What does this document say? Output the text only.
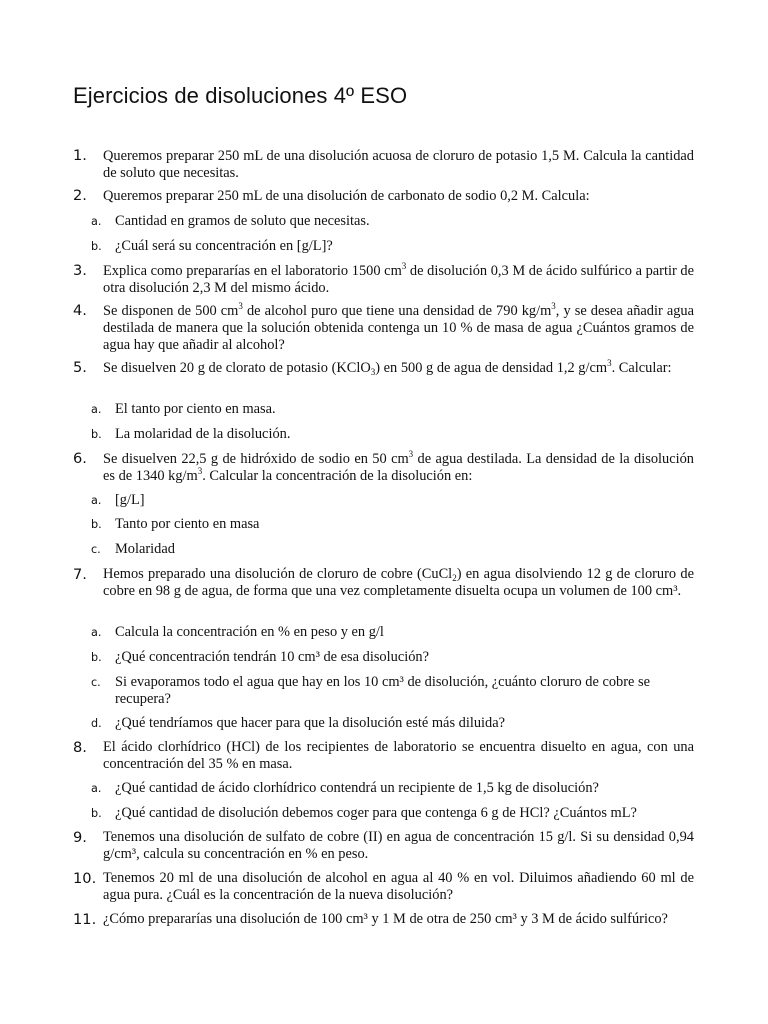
Ejercicios de disoluciones 4º ESO
1. Queremos preparar 250 mL de una disolución acuosa de cloruro de potasio 1,5 M. Calcula la cantidad de soluto que necesitas.
2. Queremos preparar 250 mL de una disolución de carbonato de sodio 0,2 M. Calcula:
a. Cantidad en gramos de soluto que necesitas.
b. ¿Cuál será su concentración en [g/L]?
3. Explica como prepararías en el laboratorio 1500 $cm^3$ de disolución 0,3 M de ácido sulfúrico a partir de otra disolución 2,3 M del mismo ácido.
4. Se disponen de 500 $cm^3$ de alcohol puro que tiene una densidad de 790 $kg/m^3$, y se desea añadir agua destilada de manera que la solución obtenida contenga un 10 % de masa de agua ¿Cuántos gramos de agua hay que añadir al alcohol?
5. Se disuelven 20 g de clorato de potasio (KClO$_3$) en 500 g de agua de densidad 1,2 $g/cm^3$. Calcular:
a. El tanto por ciento en masa.
b. La molaridad de la disolución.
6. Se disuelven 22,5 g de hidróxido de sodio en 50 $cm^3$ de agua destilada. La densidad de la disolución es de 1340 $kg/m^3$. Calcular la concentración de la disolución en:
a. [g/L]
b. Tanto por ciento en masa
c. Molaridad
7. Hemos preparado una disolución de cloruro de cobre (CuCl$_2$) en agua disolviendo 12 g de cloruro de cobre en 98 g de agua, de forma que una vez completamente disuelta ocupa un volumen de 100 cm³.
a. Calcula la concentración en % en peso y en g/l
b. ¿Qué concentración tendrán 10 cm³ de esa disolución?
c. Si evaporamos todo el agua que hay en los 10 cm³ de disolución, ¿cuánto cloruro de cobre se recupera?
d. ¿Qué tendríamos que hacer para que la disolución esté más diluida?
8. El ácido clorhídrico (HCl) de los recipientes de laboratorio se encuentra disuelto en agua, con una concentración del 35 % en masa.
a. ¿Qué cantidad de ácido clorhídrico contendrá un recipiente de 1,5 kg de disolución?
b. ¿Qué cantidad de disolución debemos coger para que contenga 6 g de HCl? ¿Cuántos mL?
9. Tenemos una disolución de sulfato de cobre (II) en agua de concentración 15 g/l. Si su densidad 0,94 g/cm³, calcula su concentración en % en peso.
10. Tenemos 20 ml de una disolución de alcohol en agua al 40 % en vol. Diluimos añadiendo 60 ml de agua pura. ¿Cuál es la concentración de la nueva disolución?
11. ¿Cómo prepararías una disolución de 100 cm³ y 1 M de otra de 250 cm³ y 3 M de ácido sulfúrico?
